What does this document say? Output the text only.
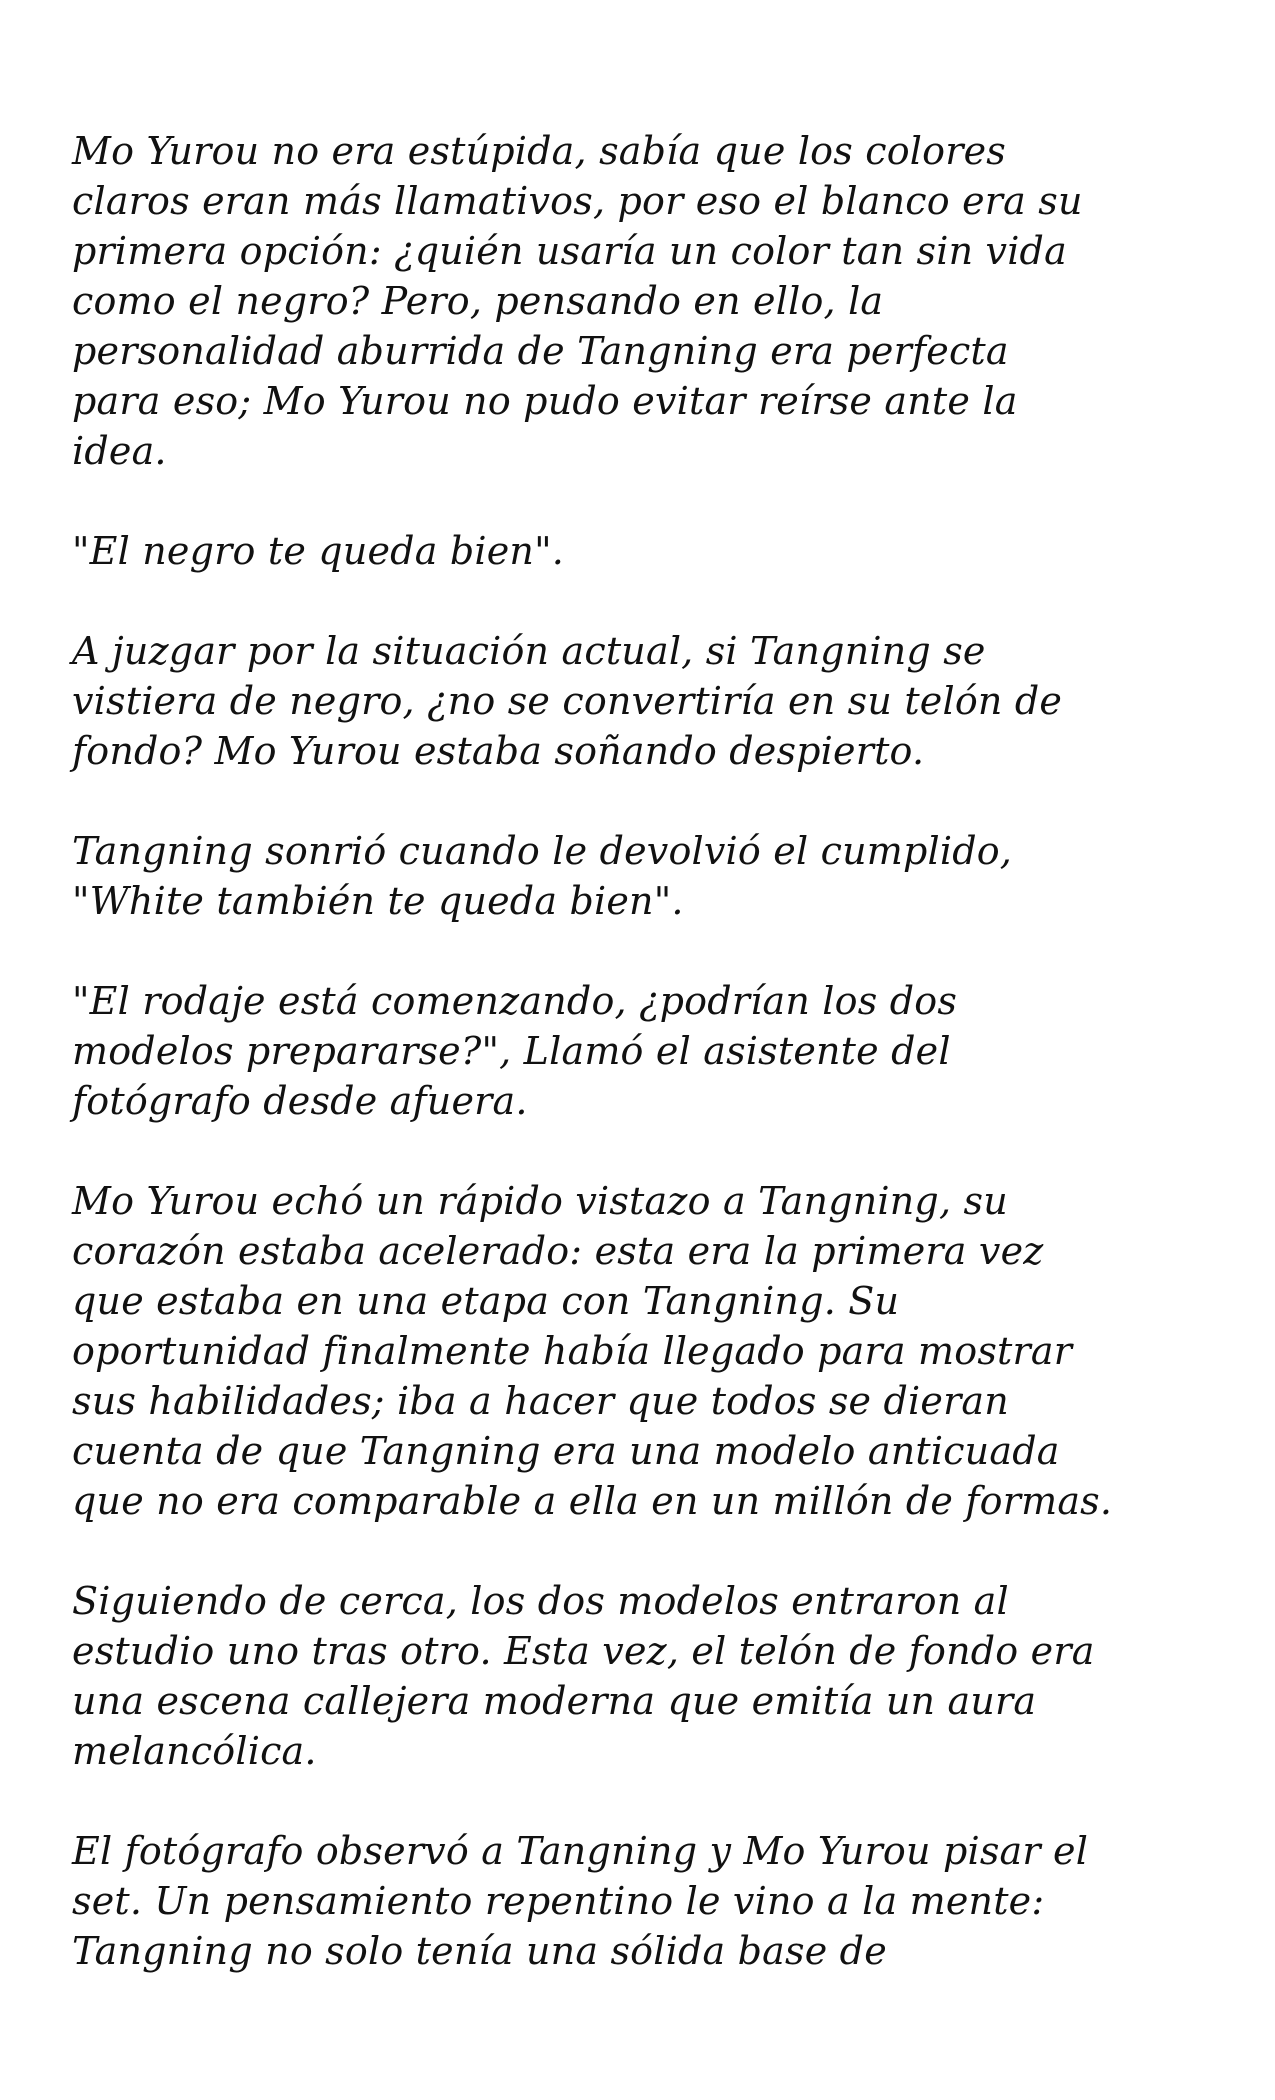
Mo Yurou no era estúpida, sabía que los colores
claros eran más llamativos, por eso el blanco era su
primera opción: ¿quién usaría un color tan sin vida
como el negro? Pero, pensando en ello, la
personalidad aburrida de Tangning era perfecta
para eso; Mo Yurou no pudo evitar reírse ante la
idea.

"El negro te queda bien".

A juzgar por la situación actual, si Tangning se
vistiera de negro, ¿no se convertiría en su telón de
fondo? Mo Yurou estaba soñando despierto.

Tangning sonrió cuando le devolvió el cumplido,
"White también te queda bien".

"El rodaje está comenzando, ¿podrían los dos
modelos prepararse?", Llamó el asistente del
fotógrafo desde afuera.

Mo Yurou echó un rápido vistazo a Tangning, su
corazón estaba acelerado: esta era la primera vez
que estaba en una etapa con Tangning. Su
oportunidad finalmente había llegado para mostrar
sus habilidades; iba a hacer que todos se dieran
cuenta de que Tangning era una modelo anticuada
que no era comparable a ella en un millón de formas.

Siguiendo de cerca, los dos modelos entraron al
estudio uno tras otro. Esta vez, el telón de fondo era
una escena callejera moderna que emitía un aura
melancólica.

El fotógrafo observó a Tangning y Mo Yurou pisar el
set. Un pensamiento repentino le vino a la mente:
Tangning no solo tenía una sólida base de
